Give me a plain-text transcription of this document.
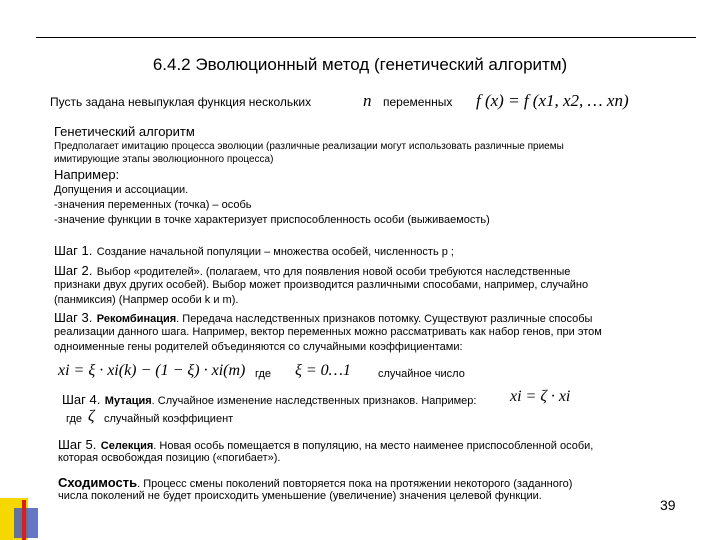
6.4.2 Эволюционный метод (генетический алгоритм)
Пусть задана невыпуклая функция нескольких	n переменных f (x) = f (x1, x2, … xn)
Генетический алгоритм
Предполагает имитацию процесса эволюции (различные реализации могут использовать различные приемы
имитирующие этапы эволюционного процесса)
Например:
Допущения и ассоциации.
-значения переменных (точка) – особь
-значение функции в точке характеризует приспособленность особи (выживаемость)
Шаг 1. Создание начальной популяции – множества особей, численность p ;
Шаг 2. Выбор «родителей». (полагаем, что для появления новой особи требуются наследственные
признаки двух других особей). Выбор может производится различными способами, например, случайно
(панмиксия) (Напрмер особи k и m).
Шаг 3. Рекомбинация. Передача наследственных признаков потомку. Существуют различные способы
реализации данного шага. Например, вектор переменных можно рассматривать как набор генов, при этом
одноименные гены родителей объединяются со случайными коэффициентами:
xi = ξ · xi(k) − (1 − ξ) · xi(m) где ξ = 0…1 случайное число
Шаг 4. Мутация. Случайное изменение наследственных признаков. Например: xi = ζ · xi
где ζ случайный коэффициент
Шаг 5. Селекция. Новая особь помещается в популяцию, на место наименее приспособленной особи,
которая освобождая позицию («погибает»).
Сходимость. Процесс смены поколений повторяется пока на протяжении некоторого (заданного)
числа поколений не будет происходить уменьшение (увеличение) значения целевой функции.
39
